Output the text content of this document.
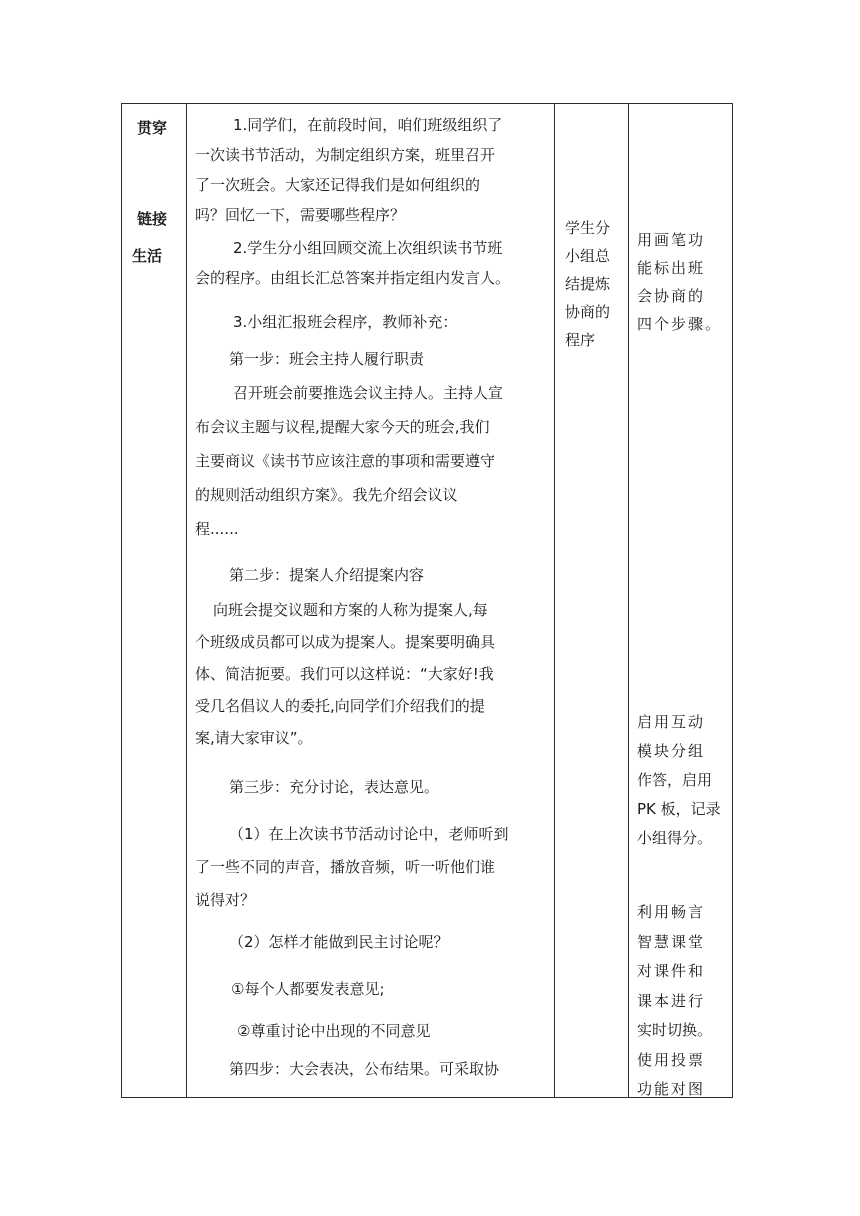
贯穿
链接
生活

1.同学们，在前段时间，咱们班级组织了
一次读书节活动，为制定组织方案，班里召开
了一次班会。大家还记得我们是如何组织的
吗？回忆一下，需要哪些程序？
2.学生分小组回顾交流上次组织读书节班
会的程序。由组长汇总答案并指定组内发言人。
3.小组汇报班会程序，教师补充：
第一步：班会主持人履行职责
召开班会前要推选会议主持人。主持人宣
布会议主题与议程,提醒大家今天的班会,我们
主要商议《读书节应该注意的事项和需要遵守
的规则活动组织方案》。我先介绍会议议
程......
第二步：提案人介绍提案内容
向班会提交议题和方案的人称为提案人,每
个班级成员都可以成为提案人。提案要明确具
体、简洁扼要。我们可以这样说：“大家好!我
受几名倡议人的委托,向同学们介绍我们的提
案,请大家审议”。
第三步：充分讨论，表达意见。
（1）在上次读书节活动讨论中，老师听到
了一些不同的声音，播放音频，听一听他们谁
说得对？
（2）怎样才能做到民主讨论呢？
①每个人都要发表意见;
②尊重讨论中出现的不同意见
第四步：大会表决，公布结果。可采取协

学生分
小组总
结提炼
协商的
程序

用画笔功
能标出班
会协商的
四个步骤。
启用互动
模块分组
作答，启用
PK 板，记录
小组得分。
利用畅言
智慧课堂
对课件和
课本进行
实时切换。
使用投票
功能对图
